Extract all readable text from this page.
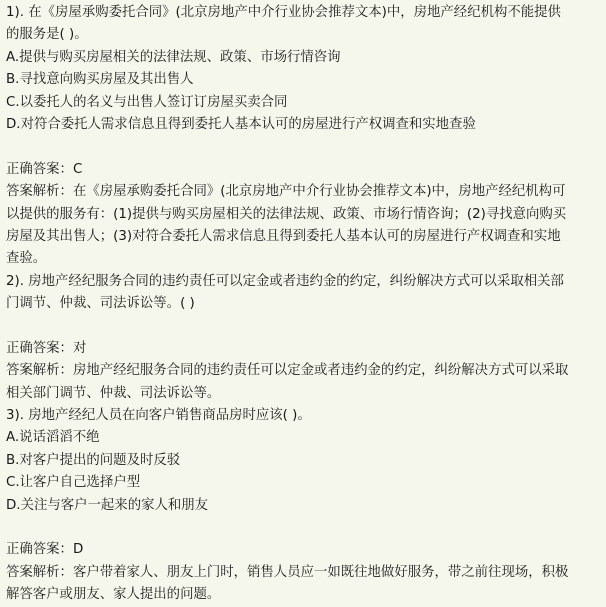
1). 在《房屋承购委托合同》(北京房地产中介行业协会推荐文本)中，房地产经纪机构不能提供
的服务是( )。
A.提供与购买房屋相关的法律法规、政策、市场行情咨询
B.寻找意向购买房屋及其出售人
C.以委托人的名义与出售人签订订房屋买卖合同
D.对符合委托人需求信息且得到委托人基本认可的房屋进行产权调查和实地查验
正确答案：C
答案解析：在《房屋承购委托合同》(北京房地产中介行业协会推荐文本)中，房地产经纪机构可
以提供的服务有：(1)提供与购买房屋相关的法律法规、政策、市场行情咨询；(2)寻找意向购买
房屋及其出售人；(3)对符合委托人需求信息且得到委托人基本认可的房屋进行产权调查和实地
查验。
2). 房地产经纪服务合同的违约责任可以定金或者违约金的约定，纠纷解决方式可以采取相关部
门调节、仲裁、司法诉讼等。( )
正确答案：对
答案解析：房地产经纪服务合同的违约责任可以定金或者违约金的约定，纠纷解决方式可以采取
相关部门调节、仲裁、司法诉讼等。
3). 房地产经纪人员在向客户销售商品房时应该( )。
A.说话滔滔不绝
B.对客户提出的问题及时反驳
C.让客户自己选择户型
D.关注与客户一起来的家人和朋友
正确答案：D
答案解析：客户带着家人、朋友上门时，销售人员应一如既往地做好服务，带之前往现场，积极
解答客户或朋友、家人提出的问题。
